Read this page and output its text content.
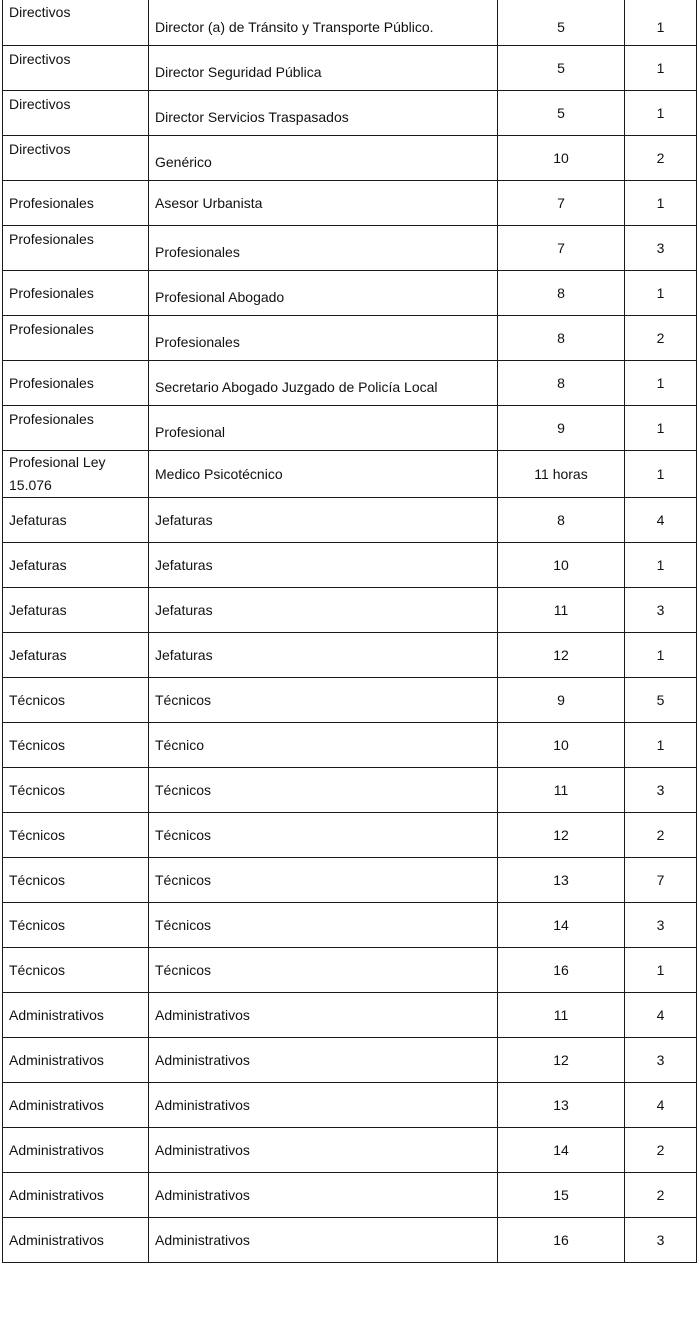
Directivos	Director (a) de Tránsito y Transporte Público.	5	1
Directivos	Director Seguridad Pública	5	1
Directivos	Director Servicios Traspasados	5	1
Directivos	Genérico	10	2
Profesionales	Asesor Urbanista	7	1
Profesionales	Profesionales	7	3
Profesionales	Profesional Abogado	8	1
Profesionales	Profesionales	8	2
Profesionales	Secretario Abogado Juzgado de Policía Local	8	1
Profesionales	Profesional	9	1
Profesional Ley 15.076	Medico Psicotécnico	11 horas	1
Jefaturas	Jefaturas	8	4
Jefaturas	Jefaturas	10	1
Jefaturas	Jefaturas	11	3
Jefaturas	Jefaturas	12	1
Técnicos	Técnicos	9	5
Técnicos	Técnico	10	1
Técnicos	Técnicos	11	3
Técnicos	Técnicos	12	2
Técnicos	Técnicos	13	7
Técnicos	Técnicos	14	3
Técnicos	Técnicos	16	1
Administrativos	Administrativos	11	4
Administrativos	Administrativos	12	3
Administrativos	Administrativos	13	4
Administrativos	Administrativos	14	2
Administrativos	Administrativos	15	2
Administrativos	Administrativos	16	3
